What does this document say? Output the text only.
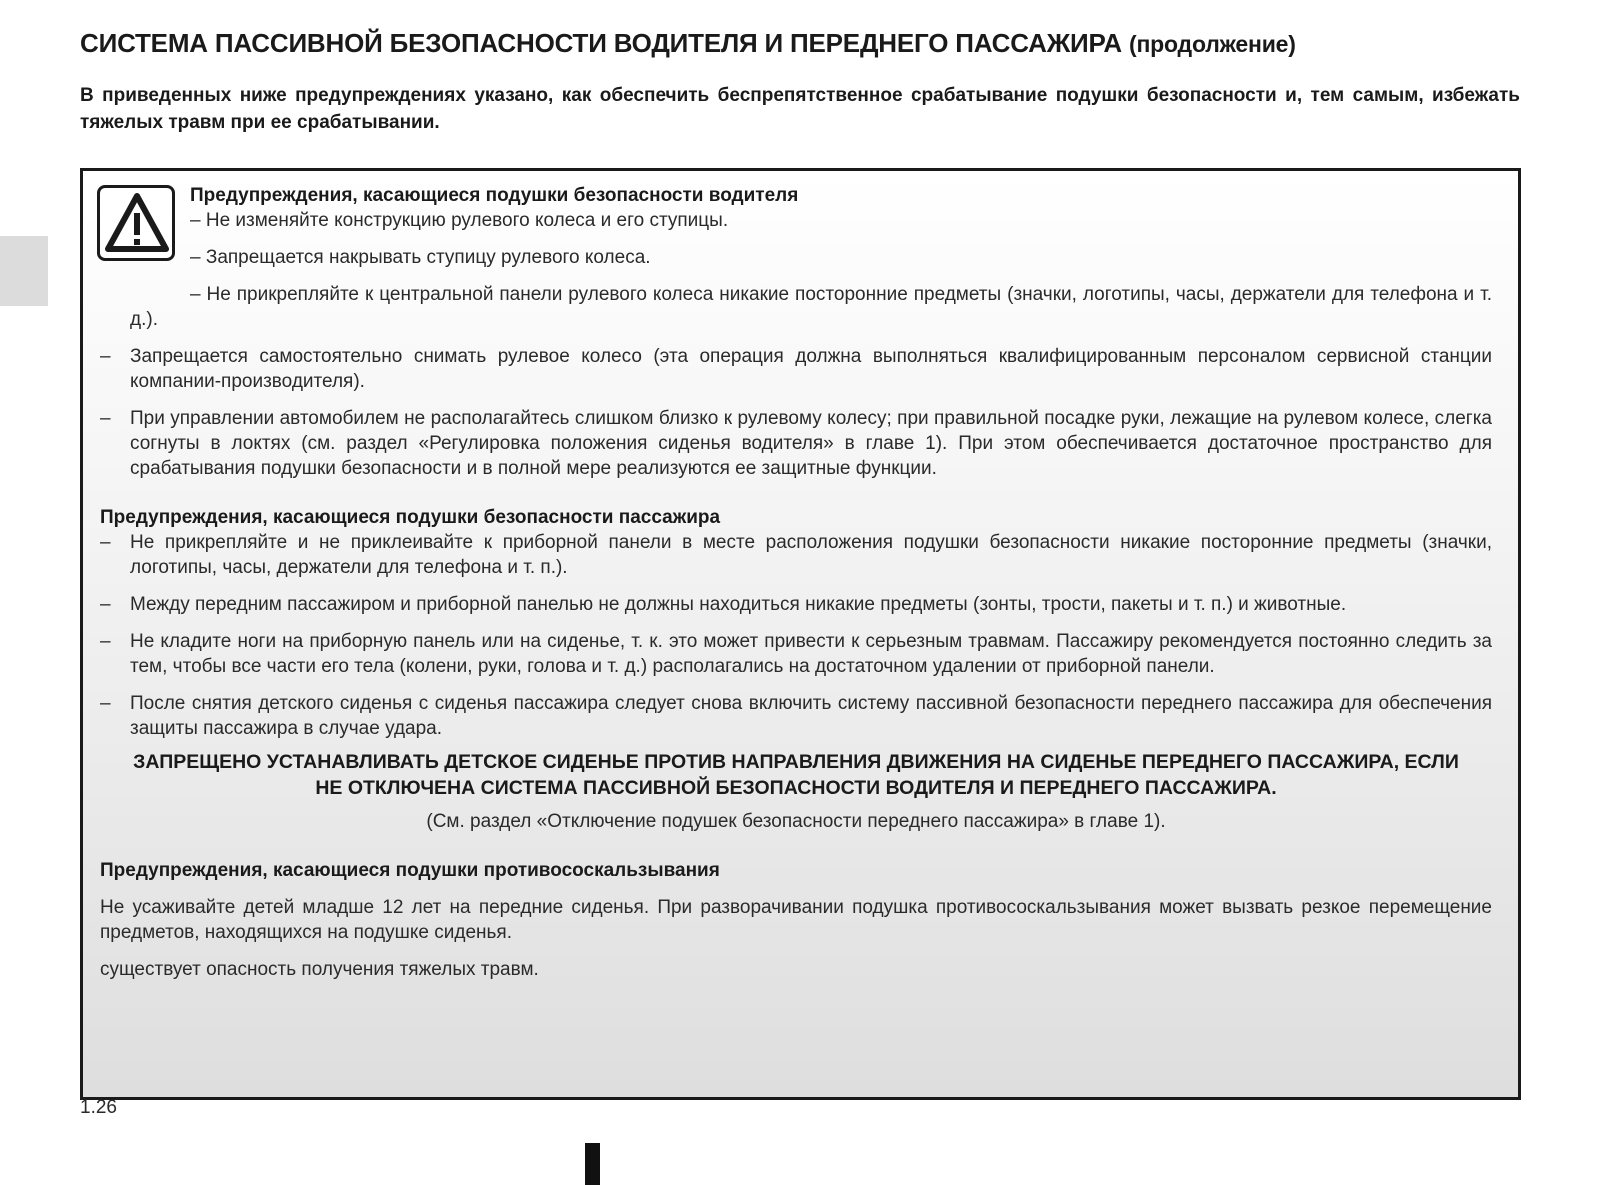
СИСТЕМА ПАССИВНОЙ БЕЗОПАСНОСТИ ВОДИТЕЛЯ И ПЕРЕДНЕГО ПАССАЖИРА (продолжение)
В приведенных ниже предупреждениях указано, как обеспечить беспрепятственное срабатывание подушки безопасности и, тем самым, избежать тяжелых травм при ее срабатывании.
Предупреждения, касающиеся подушки безопасности водителя

– Не изменяйте конструкцию рулевого колеса и его ступицы.

– Запрещается накрывать ступицу рулевого колеса.

– Не прикрепляйте к центральной панели рулевого колеса никакие посторонние предметы (значки, логотипы, часы, держатели для телефона и т. д.).

– Запрещается самостоятельно снимать рулевое колесо (эта операция должна выполняться квалифицированным персоналом сервисной станции компании-производителя).
– При управлении автомобилем не располагайтесь слишком близко к рулевому колесу; при правильной посадке руки, лежащие на рулевом колесе, слегка согнуты в локтях (см. раздел «Регулировка положения сиденья водителя» в главе 1). При этом обеспечивается достаточное пространство для срабатывания подушки безопасности и в полной мере реализуются ее защитные функции.
Предупреждения, касающиеся подушки безопасности пассажира
– Не прикрепляйте и не приклеивайте к приборной панели в месте расположения подушки безопасности никакие посторонние предметы (значки, логотипы, часы, держатели для телефона и т. п.).
– Между передним пассажиром и приборной панелью не должны находиться никакие предметы (зонты, трости, пакеты и т. п.) и животные.
– Не кладите ноги на приборную панель или на сиденье, т. к. это может привести к серьезным травмам. Пассажиру рекомендуется постоянно следить за тем, чтобы все части его тела (колени, руки, голова и т. д.) располагались на достаточном удалении от приборной панели.
– После снятия детского сиденья с сиденья пассажира следует снова включить систему пассивной безопасности переднего пассажира для обеспечения защиты пассажира в случае удара.

ЗАПРЕЩЕНО УСТАНАВЛИВАТЬ ДЕТСКОЕ СИДЕНЬЕ ПРОТИВ НАПРАВЛЕНИЯ ДВИЖЕНИЯ НА СИДЕНЬЕ ПЕРЕДНЕГО ПАССАЖИРА, ЕСЛИ НЕ ОТКЛЮЧЕНА СИСТЕМА ПАССИВНОЙ БЕЗОПАСНОСТИ ВОДИТЕЛЯ И ПЕРЕДНЕГО ПАССАЖИРА.

(См. раздел «Отключение подушек безопасности переднего пассажира» в главе 1).

Предупреждения, касающиеся подушки противососкальзывания

Не усаживайте детей младше 12 лет на передние сиденья. При разворачивании подушка противососкальзывания может вызвать резкое перемещение предметов, находящихся на подушке сиденья.

существует опасность получения тяжелых травм.

1.26
